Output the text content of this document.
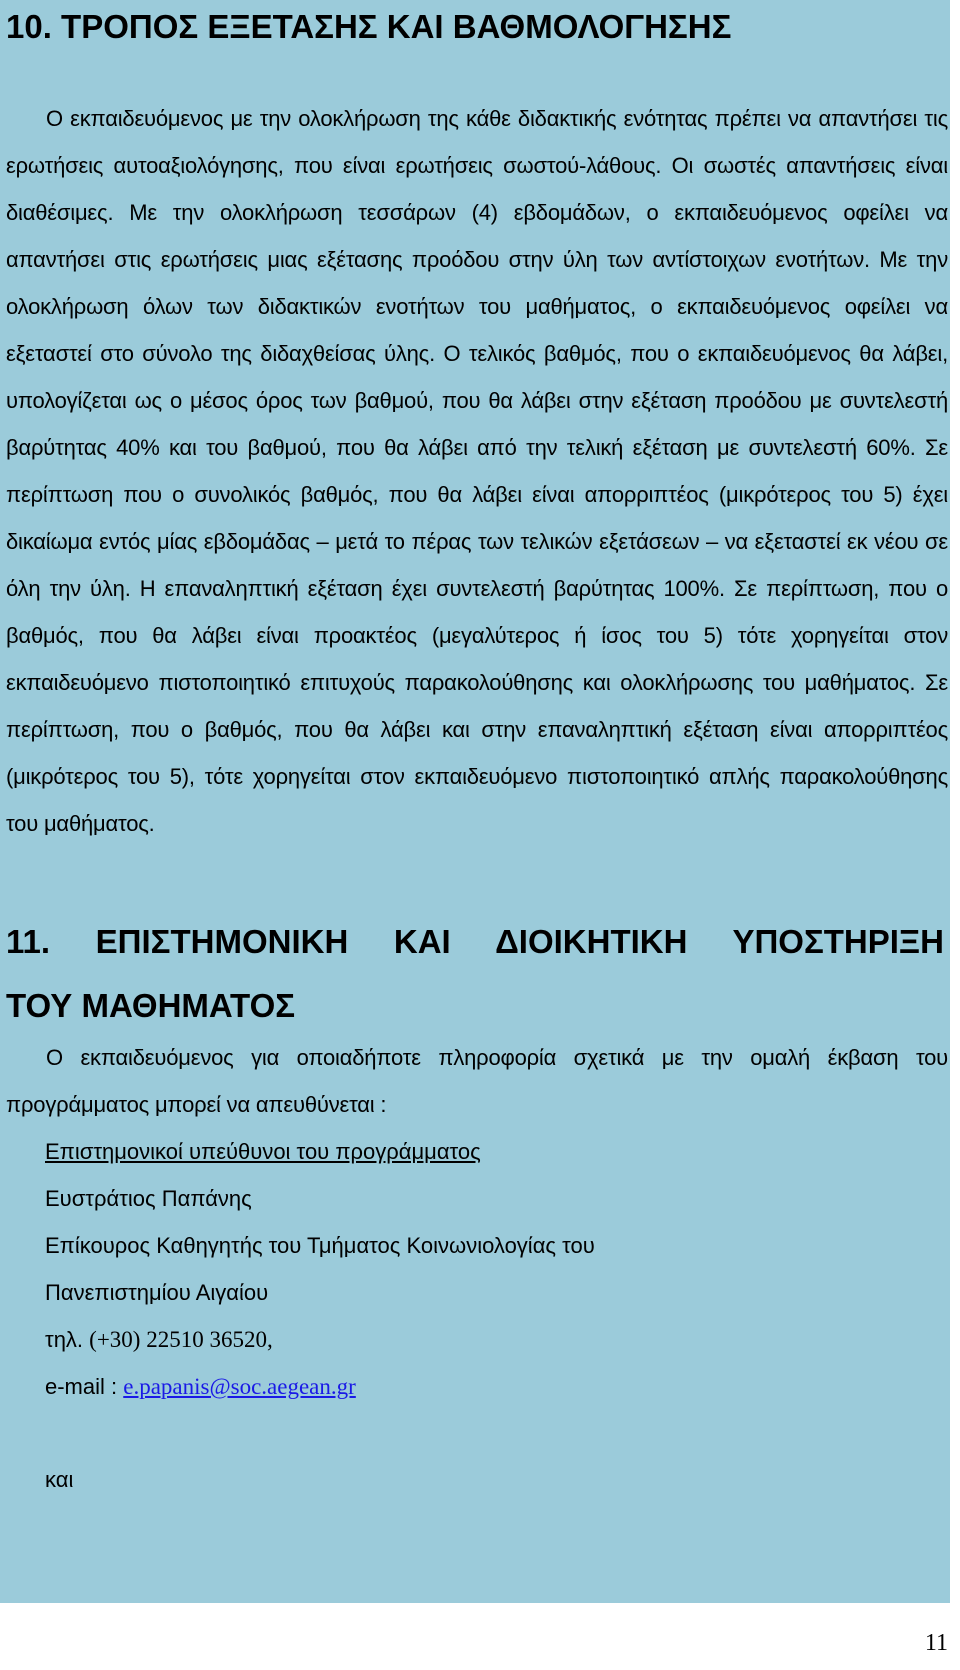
10. ΤΡΟΠΟΣ ΕΞΕΤΑΣΗΣ ΚΑΙ ΒΑΘΜΟΛΟΓΗΣΗΣ

Ο εκπαιδευόμενος με την ολοκλήρωση της κάθε διδακτικής ενότητας πρέπει να απαντήσει τις ερωτήσεις αυτοαξιολόγησης, που είναι ερωτήσεις σωστού-λάθους. Οι σωστές απαντήσεις είναι διαθέσιμες. Με την ολοκλήρωση τεσσάρων (4) εβδομάδων, ο εκπαιδευόμενος οφείλει να απαντήσει στις ερωτήσεις μιας εξέτασης προόδου στην ύλη των αντίστοιχων ενοτήτων. Με την ολοκλήρωση όλων των διδακτικών ενοτήτων του μαθήματος, ο εκπαιδευόμενος οφείλει να εξεταστεί στο σύνολο της διδαχθείσας ύλης. Ο τελικός βαθμός, που ο εκπαιδευόμενος θα λάβει, υπολογίζεται ως ο μέσος όρος των βαθμού, που θα λάβει στην εξέταση προόδου με συντελεστή βαρύτητας 40% και του βαθμού, που θα λάβει από την τελική εξέταση με συντελεστή 60%. Σε περίπτωση που ο συνολικός βαθμός, που θα λάβει είναι απορριπτέος (μικρότερος του 5) έχει δικαίωμα εντός μίας εβδομάδας – μετά το πέρας των τελικών εξετάσεων – να εξεταστεί εκ νέου σε όλη την ύλη. Η επαναληπτική εξέταση έχει συντελεστή βαρύτητας 100%. Σε περίπτωση, που ο βαθμός, που θα λάβει είναι προακτέος (μεγαλύτερος ή ίσος του 5) τότε χορηγείται στον εκπαιδευόμενο πιστοποιητικό επιτυχούς παρακολούθησης και ολοκλήρωσης του μαθήματος. Σε περίπτωση, που ο βαθμός, που θα λάβει και στην επαναληπτική εξέταση είναι απορριπτέος (μικρότερος του 5), τότε χορηγείται στον εκπαιδευόμενο πιστοποιητικό απλής παρακολούθησης του μαθήματος.

11. ΕΠΙΣΤΗΜΟΝΙΚΗ ΚΑΙ ΔΙΟΙΚΗΤΙΚΗ ΥΠΟΣΤΗΡΙΞΗ
ΤΟΥ ΜΑΘΗΜΑΤΟΣ

Ο εκπαιδευόμενος για οποιαδήποτε πληροφορία σχετικά με την ομαλή έκβαση του προγράμματος μπορεί να απευθύνεται :

Επιστημονικοί υπεύθυνοι του προγράμματος
Ευστράτιος Παπάνης
Επίκουρος Καθηγητής του Τμήματος Κοινωνιολογίας του
Πανεπιστημίου Αιγαίου
τηλ. (+30) 22510 36520,
e-mail : e.papanis@soc.aegean.gr

και

11
